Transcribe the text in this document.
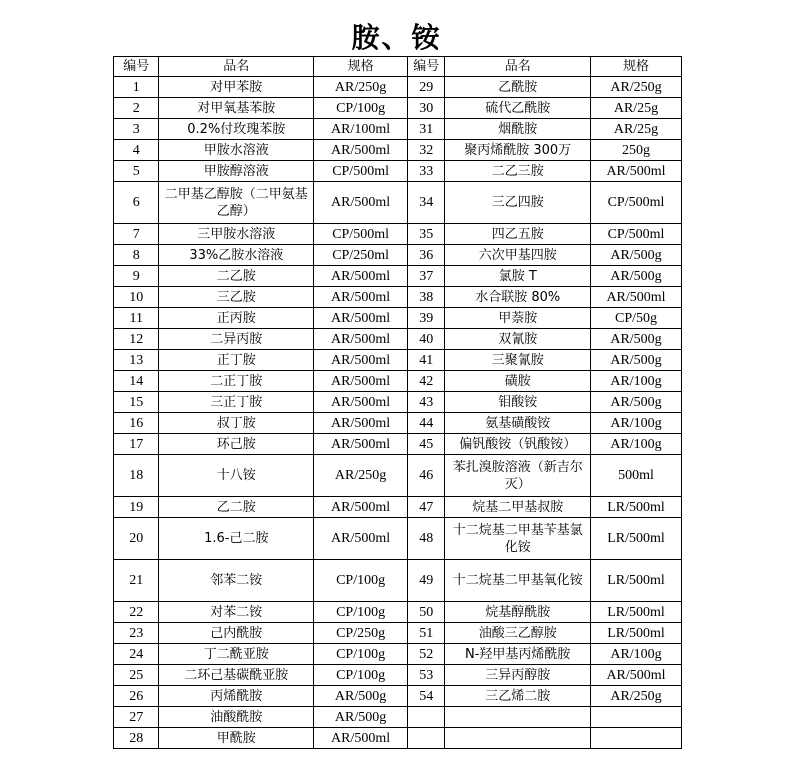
胺、铵
编号	品名	规格	编号	品名	规格
1	对甲苯胺	AR/250g	29	乙酰胺	AR/250g
2	对甲氧基苯胺	CP/100g	30	硫代乙酰胺	AR/25g
3	0.2%付玫瑰苯胺	AR/100ml	31	烟酰胺	AR/25g
4	甲胺水溶液	AR/500ml	32	聚丙烯酰胺 300万	250g
5	甲胺醇溶液	CP/500ml	33	二乙三胺	AR/500ml
6	二甲基乙醇胺（二甲氨基乙醇）	AR/500ml	34	三乙四胺	CP/500ml
7	三甲胺水溶液	CP/500ml	35	四乙五胺	CP/500ml
8	33%乙胺水溶液	CP/250ml	36	六次甲基四胺	AR/500g
9	二乙胺	AR/500ml	37	氯胺 T	AR/500g
10	三乙胺	AR/500ml	38	水合联胺 80%	AR/500ml
11	正丙胺	AR/500ml	39	甲萘胺	CP/50g
12	二异丙胺	AR/500ml	40	双氰胺	AR/500g
13	正丁胺	AR/500ml	41	三聚氰胺	AR/500g
14	二正丁胺	AR/500ml	42	磺胺	AR/100g
15	三正丁胺	AR/500ml	43	钼酸铵	AR/500g
16	叔丁胺	AR/500ml	44	氨基磺酸铵	AR/100g
17	环己胺	AR/500ml	45	偏钒酸铵（钒酸铵）	AR/100g
18	十八铵	AR/250g	46	苯扎溴胺溶液（新吉尔灭）	500ml
19	乙二胺	AR/500ml	47	烷基二甲基叔胺	LR/500ml
20	1.6-己二胺	AR/500ml	48	十二烷基二甲基苄基氯化铵	LR/500ml
21	邻苯二铵	CP/100g	49	十二烷基二甲基氧化铵	LR/500ml
22	对苯二铵	CP/100g	50	烷基醇酰胺	LR/500ml
23	己内酰胺	CP/250g	51	油酸三乙醇胺	LR/500ml
24	丁二酰亚胺	CP/100g	52	N-羟甲基丙烯酰胺	AR/100g
25	二环己基碳酰亚胺	CP/100g	53	三异丙醇胺	AR/500ml
26	丙烯酰胺	AR/500g	54	三乙烯二胺	AR/250g
27	油酸酰胺	AR/500g			
28	甲酰胺	AR/500ml			
